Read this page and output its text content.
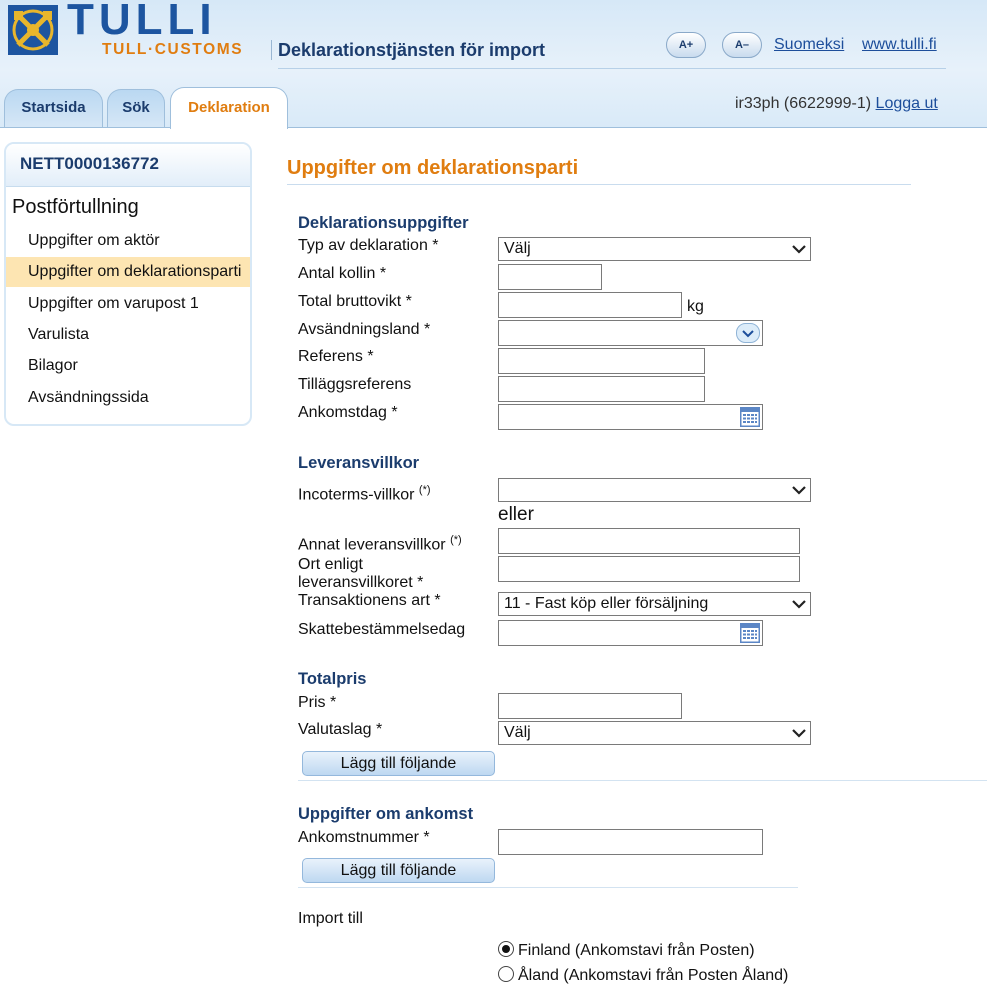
TULLI
TULL·CUSTOMS Deklarationstjänsten för import	A+	A–	Suomeksi www.tulli.fi
Startsida	Sök	Deklaration	ir33ph (6622999-1) Logga ut
NETT0000136772
Postförtullning
Uppgifter om aktör
Uppgifter om deklarationsparti
Uppgifter om varupost 1
Varulista
Bilagor
Avsändningssida
Uppgifter om deklarationsparti
Deklarationsuppgifter
Typ av deklaration *	Välj
Antal kollin *
Total bruttovikt *	kg
Avsändningsland *
Referens *
Tilläggsreferens
Ankomstdag *
Leveransvillkor
Incoterms-villkor (*)
eller
Annat leveransvillkor (*)
Ort enligt
leveransvillkoret *
Transaktionens art *	11 - Fast köp eller försäljning
Skattebestämmelsedag
Totalpris
Pris *
Valutaslag *	Välj
Lägg till följande
Uppgifter om ankomst
Ankomstnummer *
Lägg till följande
Import till
Finland (Ankomstavi från Posten)
Åland (Ankomstavi från Posten Åland)
